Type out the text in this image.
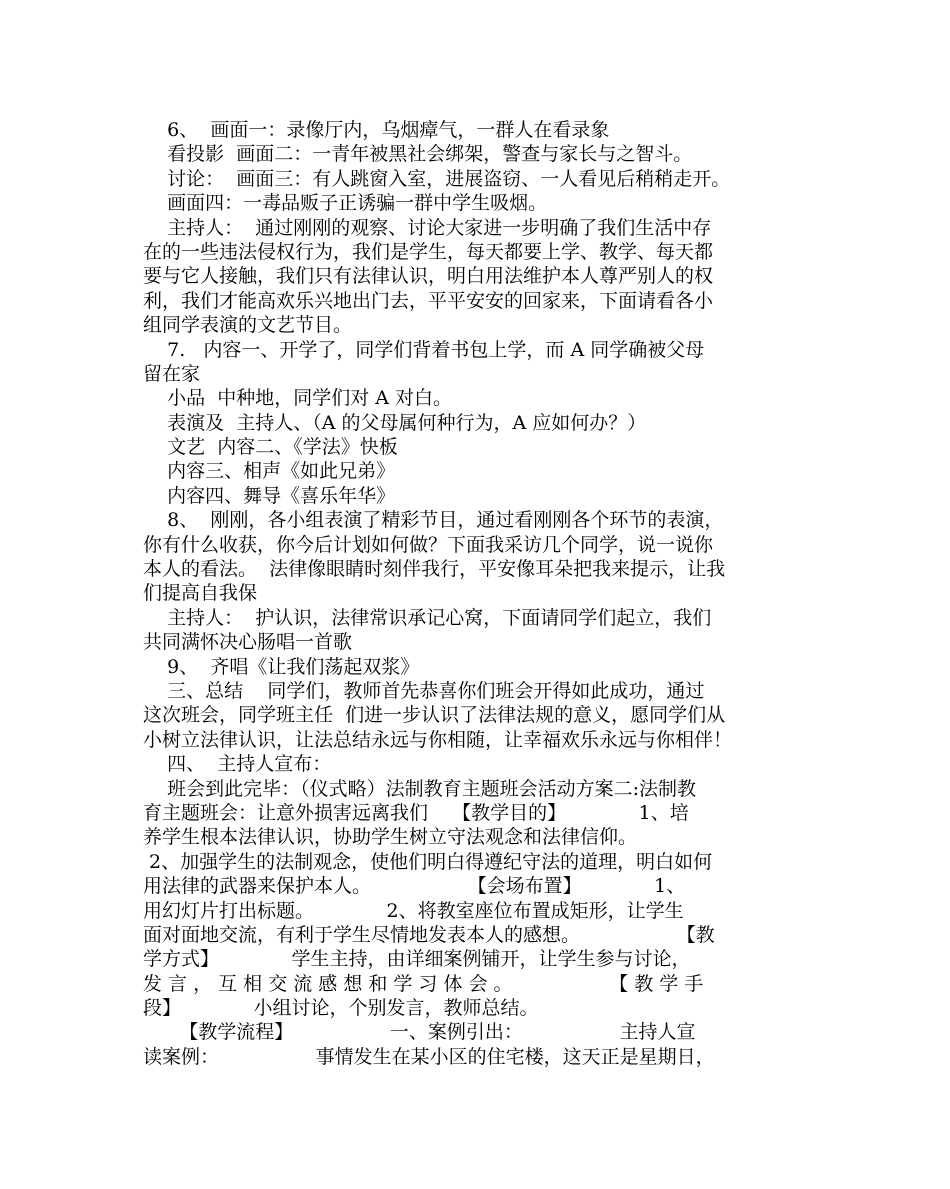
6、  画面一：录像厅内，乌烟瘴气，一群人在看录象
看投影  画面二：一青年被黑社会绑架，警查与家长与之智斗。
讨论：  画面三：有人跳窗入室，进展盗窃、一人看见后稍稍走开。
画面四：一毒品贩子正诱骗一群中学生吸烟。
主持人：  通过刚刚的观察、讨论大家进一步明确了我们生活中存
在的一些违法侵权行为，我们是学生，每天都要上学、教学、每天都
要与它人接触，我们只有法律认识，明白用法维护本人尊严别人的权
利，我们才能高欢乐兴地出门去，平平安安的回家来，下面请看各小
组同学表演的文艺节目。
7.   内容一、开学了，同学们背着书包上学，而 A 同学确被父母
留在家
小品  中种地，同学们对 A 对白。
表演及  主持人、（A 的父母属何种行为，A 应如何办？）
文艺  内容二、《学法》快板
内容三、相声《如此兄弟》
内容四、舞导《喜乐年华》
8、  刚刚，各小组表演了精彩节目，通过看刚刚各个环节的表演，
你有什么收获，你今后计划如何做？下面我采访几个同学，说一说你
本人的看法。  法律像眼睛时刻伴我行，平安像耳朵把我来提示，让我
们提高自我保
主持人：  护认识，法律常识承记心窝，下面请同学们起立，我们
共同满怀决心肠唱一首歌
9、  齐唱《让我们荡起双浆》
三、总结    同学们，教师首先恭喜你们班会开得如此成功，通过
这次班会，同学班主任  们进一步认识了法律法规的意义，愿同学们从
小树立法律认识，让法总结永远与你相随，让幸福欢乐永远与你相伴！
四、  主持人宣布：
班会到此完毕：（仪式略）法制教育主题班会活动方案二:法制教
育主题班会：让意外损害远离我们    【教学目的】            1、培
养学生根本法律认识，协助学生树立守法观念和法律信仰。
2、加强学生的法制观念，使他们明白得遵纪守法的道理，明白如何
用法律的武器来保护本人。                【会场布置】            1、
用幻灯片打出标题。            2、将教室座位布置成矩形，让学生
面对面地交流，有利于学生尽情地发表本人的感想。                【教
学方式】            学生主持，由详细案例铺开，让学生参与讨论，
发 言 ， 互 相 交 流 感 想 和 学 习 体 会 。                【 教 学 手
段】            小组讨论，个别发言，教师总结。
【教学流程】                一、案例引出：                主持人宣
读案例：                事情发生在某小区的住宅楼，这天正是星期日，
